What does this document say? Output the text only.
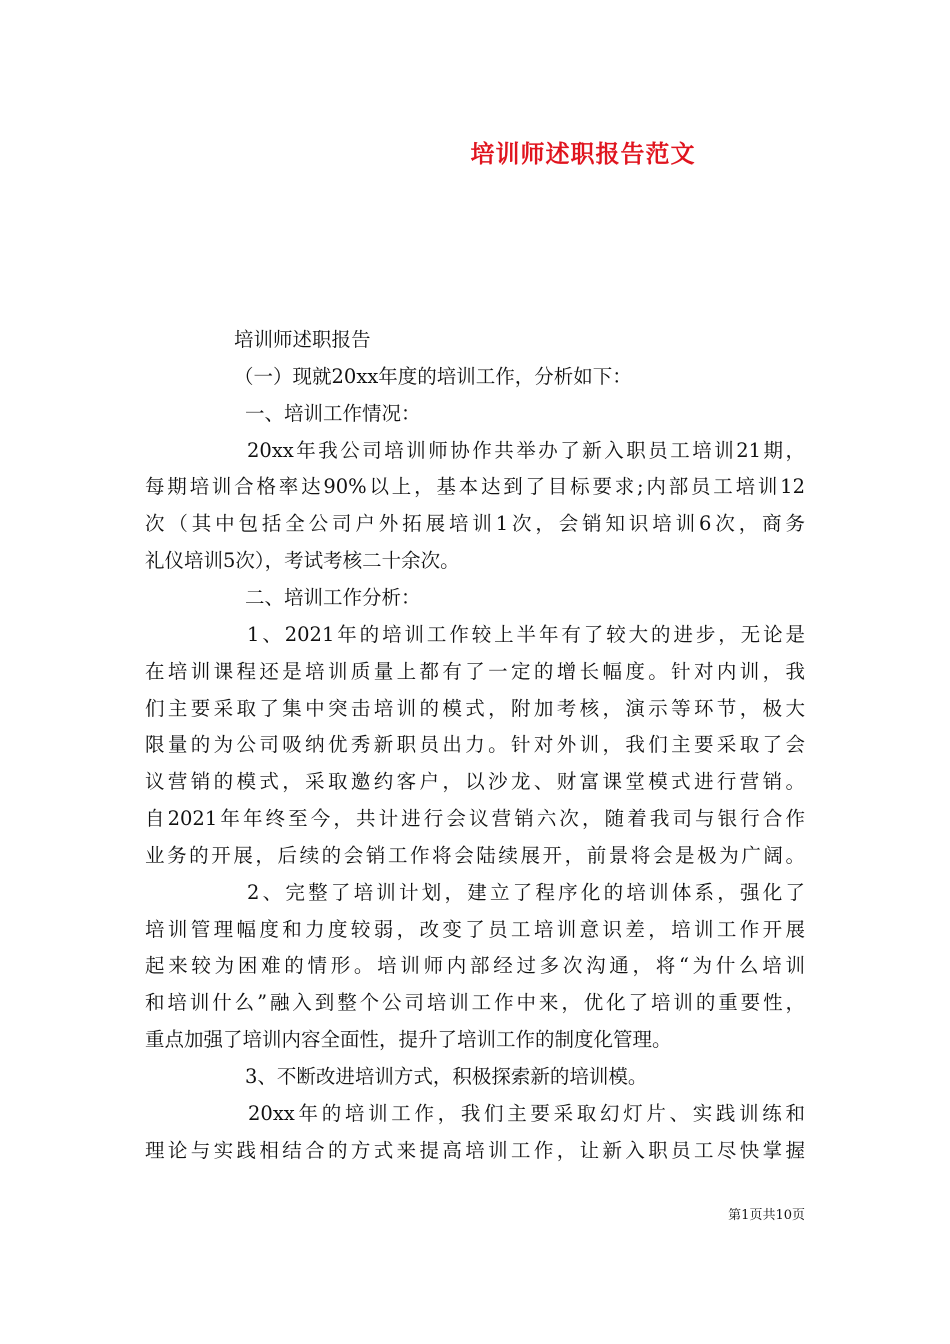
培训师述职报告范文
培训师述职报告
（一）现就20xx年度的培训工作，分析如下：
一、培训工作情况：
20xx年我公司培训师协作共举办了新入职员工培训21期，
每期培训合格率达90%以上，基本达到了目标要求;内部员工培训12
次（其中包括全公司户外拓展培训1次，会销知识培训6次，商务
礼仪培训5次），考试考核二十余次。
二、培训工作分析：
1、2021年的培训工作较上半年有了较大的进步，无论是
在培训课程还是培训质量上都有了一定的增长幅度。针对内训，我
们主要采取了集中突击培训的模式，附加考核，演示等环节，极大
限量的为公司吸纳优秀新职员出力。针对外训，我们主要采取了会
议营销的模式，采取邀约客户，以沙龙、财富课堂模式进行营销。
自2021年年终至今，共计进行会议营销六次，随着我司与银行合作
业务的开展，后续的会销工作将会陆续展开，前景将会是极为广阔。
2、完整了培训计划，建立了程序化的培训体系，强化了
培训管理幅度和力度较弱，改变了员工培训意识差，培训工作开展
起来较为困难的情形。培训师内部经过多次沟通，将“为什么培训
和培训什么”融入到整个公司培训工作中来，优化了培训的重要性，
重点加强了培训内容全面性，提升了培训工作的制度化管理。
3、不断改进培训方式，积极探索新的培训模。
20xx年的培训工作，我们主要采取幻灯片、实践训练和
理论与实践相结合的方式来提高培训工作，让新入职员工尽快掌握
第1页共10页
